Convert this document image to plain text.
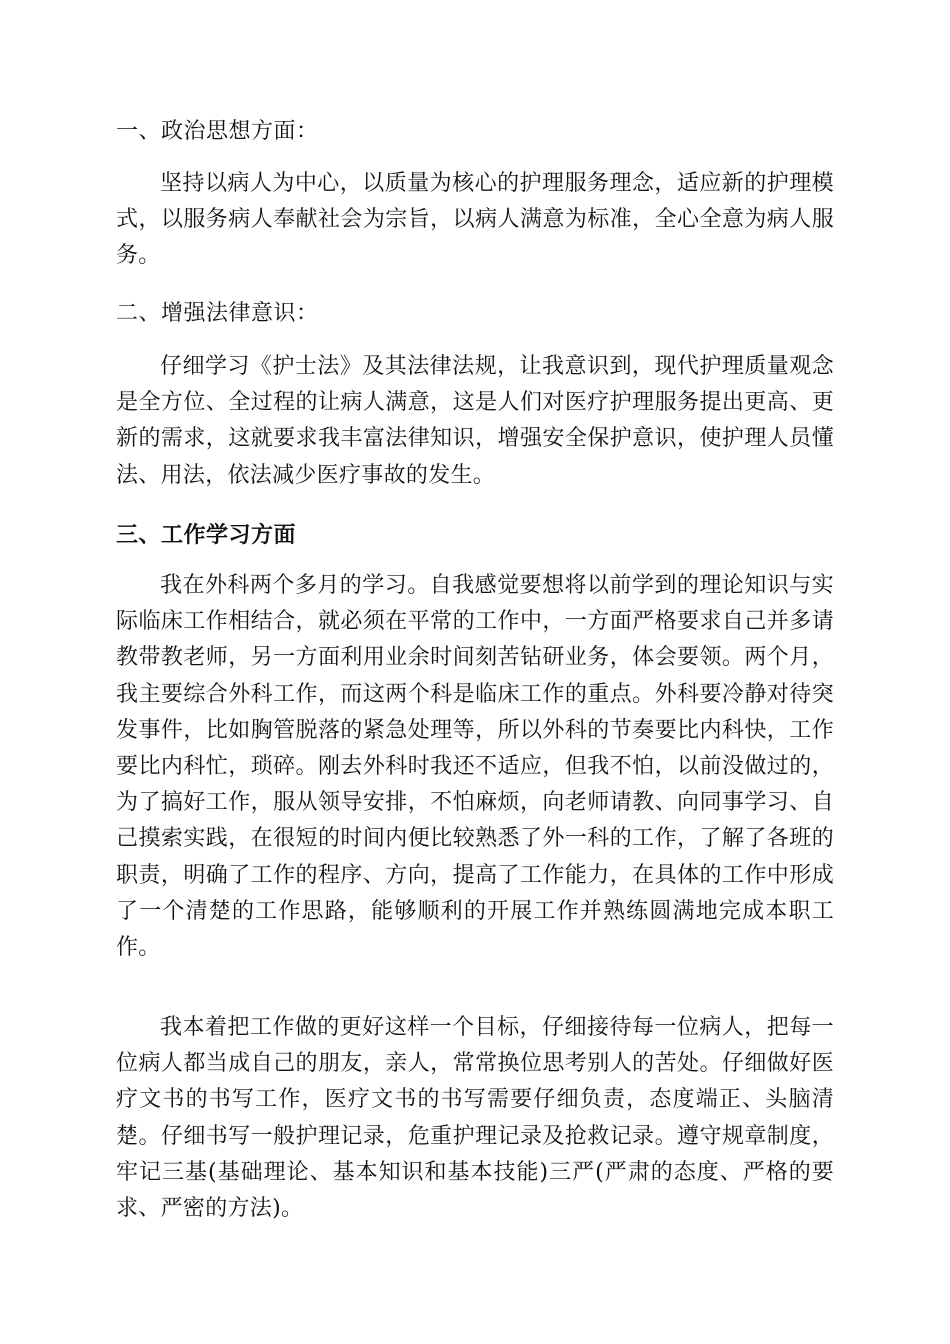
一、政治思想方面：

坚持以病人为中心，以质量为核心的护理服务理念，适应新的护理模式，以服务病人奉献社会为宗旨，以病人满意为标准，全心全意为病人服务。

二、增强法律意识：

仔细学习《护士法》及其法律法规，让我意识到，现代护理质量观念是全方位、全过程的让病人满意，这是人们对医疗护理服务提出更高、更新的需求，这就要求我丰富法律知识，增强安全保护意识，使护理人员懂法、用法，依法减少医疗事故的发生。

三、工作学习方面

我在外科两个多月的学习。自我感觉要想将以前学到的理论知识与实际临床工作相结合，就必须在平常的工作中，一方面严格要求自己并多请教带教老师，另一方面利用业余时间刻苦钻研业务，体会要领。两个月，我主要综合外科工作，而这两个科是临床工作的重点。外科要冷静对待突发事件，比如胸管脱落的紧急处理等，所以外科的节奏要比内科快，工作要比内科忙，琐碎。刚去外科时我还不适应，但我不怕，以前没做过的，为了搞好工作，服从领导安排，不怕麻烦，向老师请教、向同事学习、自己摸索实践，在很短的时间内便比较熟悉了外一科的工作，了解了各班的职责，明确了工作的程序、方向，提高了工作能力，在具体的工作中形成了一个清楚的工作思路，能够顺利的开展工作并熟练圆满地完成本职工作。

我本着把工作做的更好这样一个目标，仔细接待每一位病人，把每一位病人都当成自己的朋友，亲人，常常换位思考别人的苦处。仔细做好医疗文书的书写工作，医疗文书的书写需要仔细负责，态度端正、头脑清楚。仔细书写一般护理记录，危重护理记录及抢救记录。遵守规章制度，牢记三基(基础理论、基本知识和基本技能)三严(严肃的态度、严格的要求、严密的方法)。
